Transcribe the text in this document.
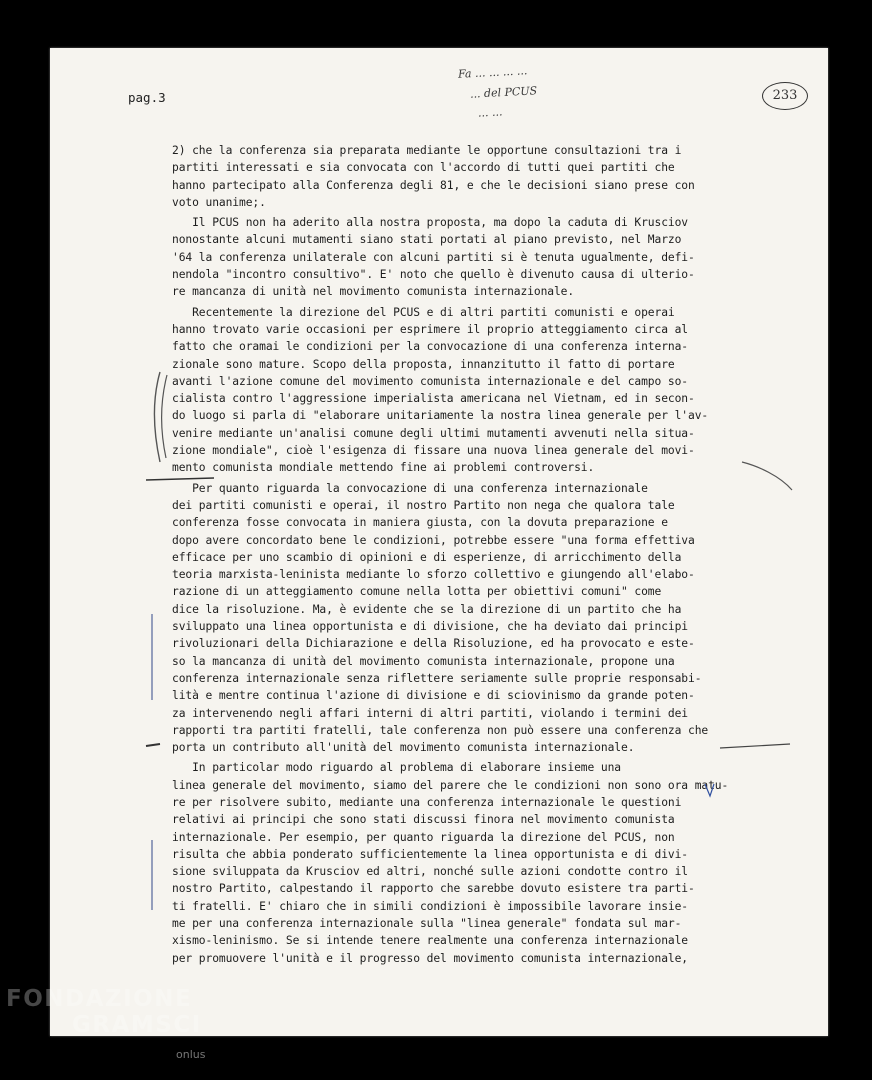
pag.3
Fa ... ... ... ...
... del PCUS
... ...
233
2) che la conferenza sia preparata mediante le opportune consultazioni tra i
partiti interessati e sia convocata con l'accordo di tutti quei partiti che
hanno partecipato alla Conferenza degli 81, e che le decisioni siano prese con
voto unanime;.
Il PCUS non ha aderito alla nostra proposta, ma dopo la caduta di Krusciov
nonostante alcuni mutamenti siano stati portati al piano previsto, nel Marzo
'64 la conferenza unilaterale con alcuni partiti si è tenuta ugualmente, defi-
nendola "incontro consultivo". E' noto che quello è divenuto causa di ulterio-
re mancanza di unità nel movimento comunista internazionale.
Recentemente la direzione del PCUS e di altri partiti comunisti e operai
hanno trovato varie occasioni per esprimere il proprio atteggiamento circa al
fatto che oramai le condizioni per la convocazione di una conferenza interna-
zionale sono mature. Scopo della proposta, innanzitutto il fatto di portare
avanti l'azione comune del movimento comunista internazionale e del campo so-
cialista contro l'aggressione imperialista americana nel Vietnam, ed in secon-
do luogo si parla di "elaborare unitariamente la nostra linea generale per l'av-
venire mediante un'analisi comune degli ultimi mutamenti avvenuti nella situa-
zione mondiale", cioè l'esigenza di fissare una nuova linea generale del movi-
mento comunista mondiale mettendo fine ai problemi controversi.
Per quanto riguarda la convocazione di una conferenza internazionale
dei partiti comunisti e operai, il nostro Partito non nega che qualora tale
conferenza fosse convocata in maniera giusta, con la dovuta preparazione e
dopo avere concordato bene le condizioni, potrebbe essere "una forma effettiva
efficace per uno scambio di opinioni e di esperienze, di arricchimento della
teoria marxista-leninista mediante lo sforzo collettivo e giungendo all'elabo-
razione di un atteggiamento comune nella lotta per obiettivi comuni" come
dice la risoluzione. Ma, è evidente che se la direzione di un partito che ha
sviluppato una linea opportunista e di divisione, che ha deviato dai principi
rivoluzionari della Dichiarazione e della Risoluzione, ed ha provocato e este-
so la mancanza di unità del movimento comunista internazionale, propone una
conferenza internazionale senza riflettere seriamente sulle proprie responsabi-
lità e mentre continua l'azione di divisione e di sciovinismo da grande poten-
za intervenendo negli affari interni di altri partiti, violando i termini dei
rapporti tra partiti fratelli, tale conferenza non può essere una conferenza che
porta un contributo all'unità del movimento comunista internazionale.
In particolar modo riguardo al problema di elaborare insieme una
linea generale del movimento, siamo del parere che le condizioni non sono ora matu-
re per risolvere subito, mediante una conferenza internazionale le questioni
relativi ai principi che sono stati discussi finora nel movimento comunista
internazionale. Per esempio, per quanto riguarda la direzione del PCUS, non
risulta che abbia ponderato sufficientemente la linea opportunista e di divi-
sione sviluppata da Krusciov ed altri, nonché sulle azioni condotte contro il
nostro Partito, calpestando il rapporto che sarebbe dovuto esistere tra parti-
ti fratelli. E' chiaro che in simili condizioni è impossibile lavorare insie-
me per una conferenza internazionale sulla "linea generale" fondata sul mar-
xismo-leninismo. Se si intende tenere realmente una conferenza internazionale
per promuovere l'unità e il progresso del movimento comunista internazionale,
FONDAZIONE
GRAMSCI
onlus
